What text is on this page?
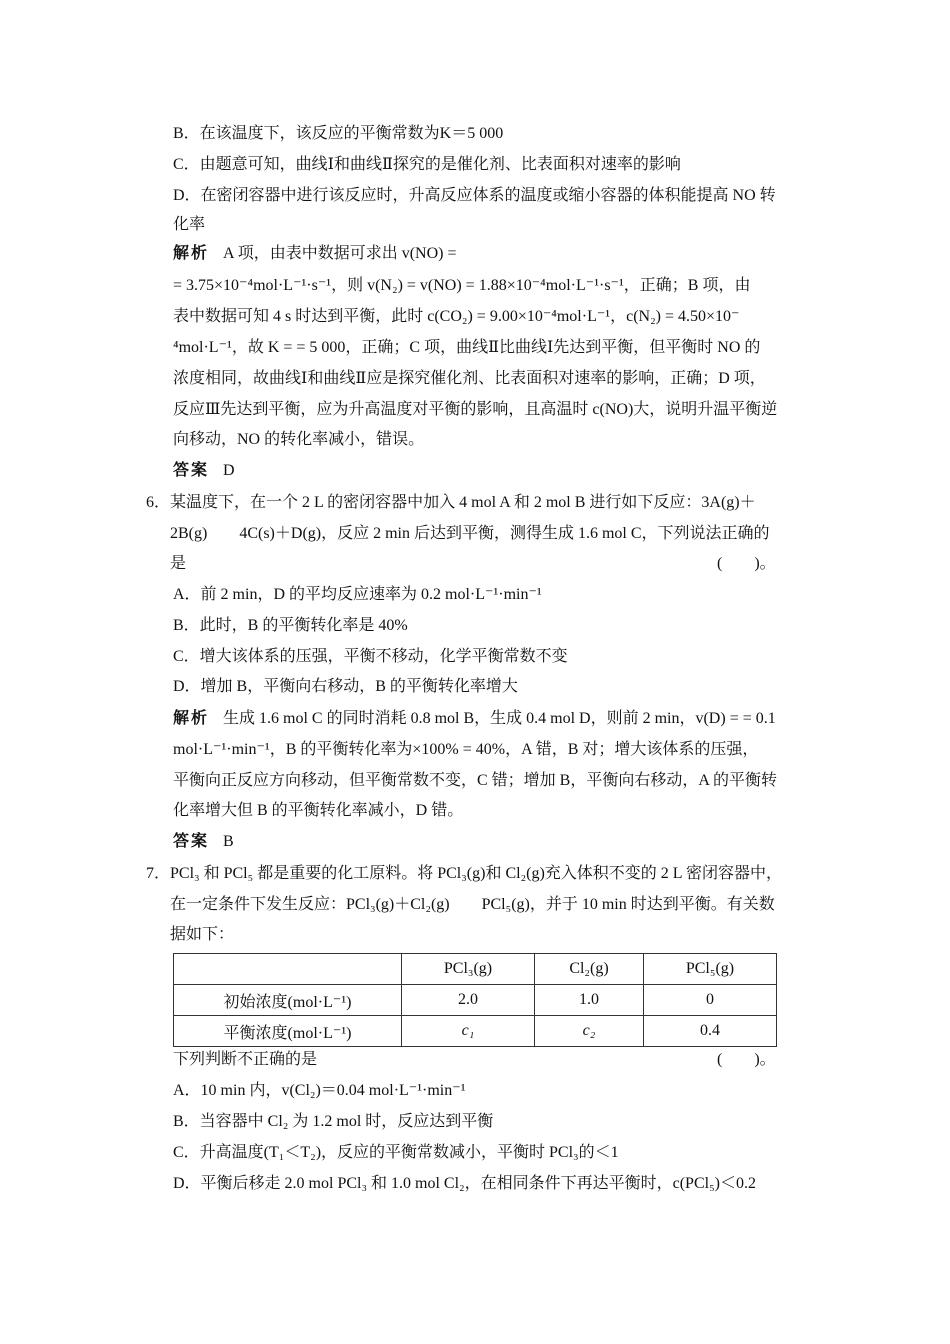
B．在该温度下，该反应的平衡常数为K＝5 000
C．由题意可知，曲线Ⅰ和曲线Ⅱ探究的是催化剂、比表面积对速率的影响
D．在密闭容器中进行该反应时，升高反应体系的温度或缩小容器的体积能提高 NO 转
化率
解析 A 项，由表中数据可求出 v(NO) =
= 3.75×10⁻⁴mol·L⁻¹·s⁻¹，则 v(N₂) = v(NO) = 1.88×10⁻⁴mol·L⁻¹·s⁻¹，正确；B 项，由
表中数据可知 4 s 时达到平衡，此时 c(CO₂) = 9.00×10⁻⁴mol·L⁻¹，c(N₂) = 4.50×10⁻
⁴mol·L⁻¹，故 K = = 5 000，正确；C 项，曲线Ⅱ比曲线Ⅰ先达到平衡，但平衡时 NO 的
浓度相同，故曲线Ⅰ和曲线Ⅱ应是探究催化剂、比表面积对速率的影响，正确；D 项，
反应Ⅲ先达到平衡，应为升高温度对平衡的影响，且高温时 c(NO)大，说明升温平衡逆
向移动，NO 的转化率减小，错误。
答案 D
6．某温度下，在一个 2 L 的密闭容器中加入 4 mol A 和 2 mol B 进行如下反应：3A(g)＋
2B(g)　　4C(s)＋D(g)，反应 2 min 后达到平衡，测得生成 1.6 mol C，下列说法正确的
是	(　　)。
A．前 2 min，D 的平均反应速率为 0.2 mol·L⁻¹·min⁻¹
B．此时，B 的平衡转化率是 40%
C．增大该体系的压强，平衡不移动，化学平衡常数不变
D．增加 B，平衡向右移动，B 的平衡转化率增大
解析 生成 1.6 mol C 的同时消耗 0.8 mol B，生成 0.4 mol D，则前 2 min，v(D) = = 0.1
mol·L⁻¹·min⁻¹，B 的平衡转化率为×100% = 40%，A 错，B 对；增大该体系的压强，
平衡向正反应方向移动，但平衡常数不变，C 错；增加 B，平衡向右移动，A 的平衡转
化率增大但 B 的平衡转化率减小，D 错。
答案 B
7．PCl₃ 和 PCl₅ 都是重要的化工原料。将 PCl₃(g)和 Cl₂(g)充入体积不变的 2 L 密闭容器中，
在一定条件下发生反应：PCl₃(g)＋Cl₂(g)　　PCl₅(g)，并于 10 min 时达到平衡。有关数
据如下：
	PCl₃(g)	Cl₂(g)	PCl₅(g)
初始浓度(mol·L⁻¹)	2.0	1.0	0
平衡浓度(mol·L⁻¹)	c₁	c₂	0.4
下列判断不正确的是	(　　)。
A．10 min 内，v(Cl₂)＝0.04 mol·L⁻¹·min⁻¹
B．当容器中 Cl₂ 为 1.2 mol 时，反应达到平衡
C．升高温度(T₁＜T₂)，反应的平衡常数减小，平衡时 PCl₃的＜1
D．平衡后移走 2.0 mol PCl₃ 和 1.0 mol Cl₂，在相同条件下再达平衡时，c(PCl₅)＜0.2
